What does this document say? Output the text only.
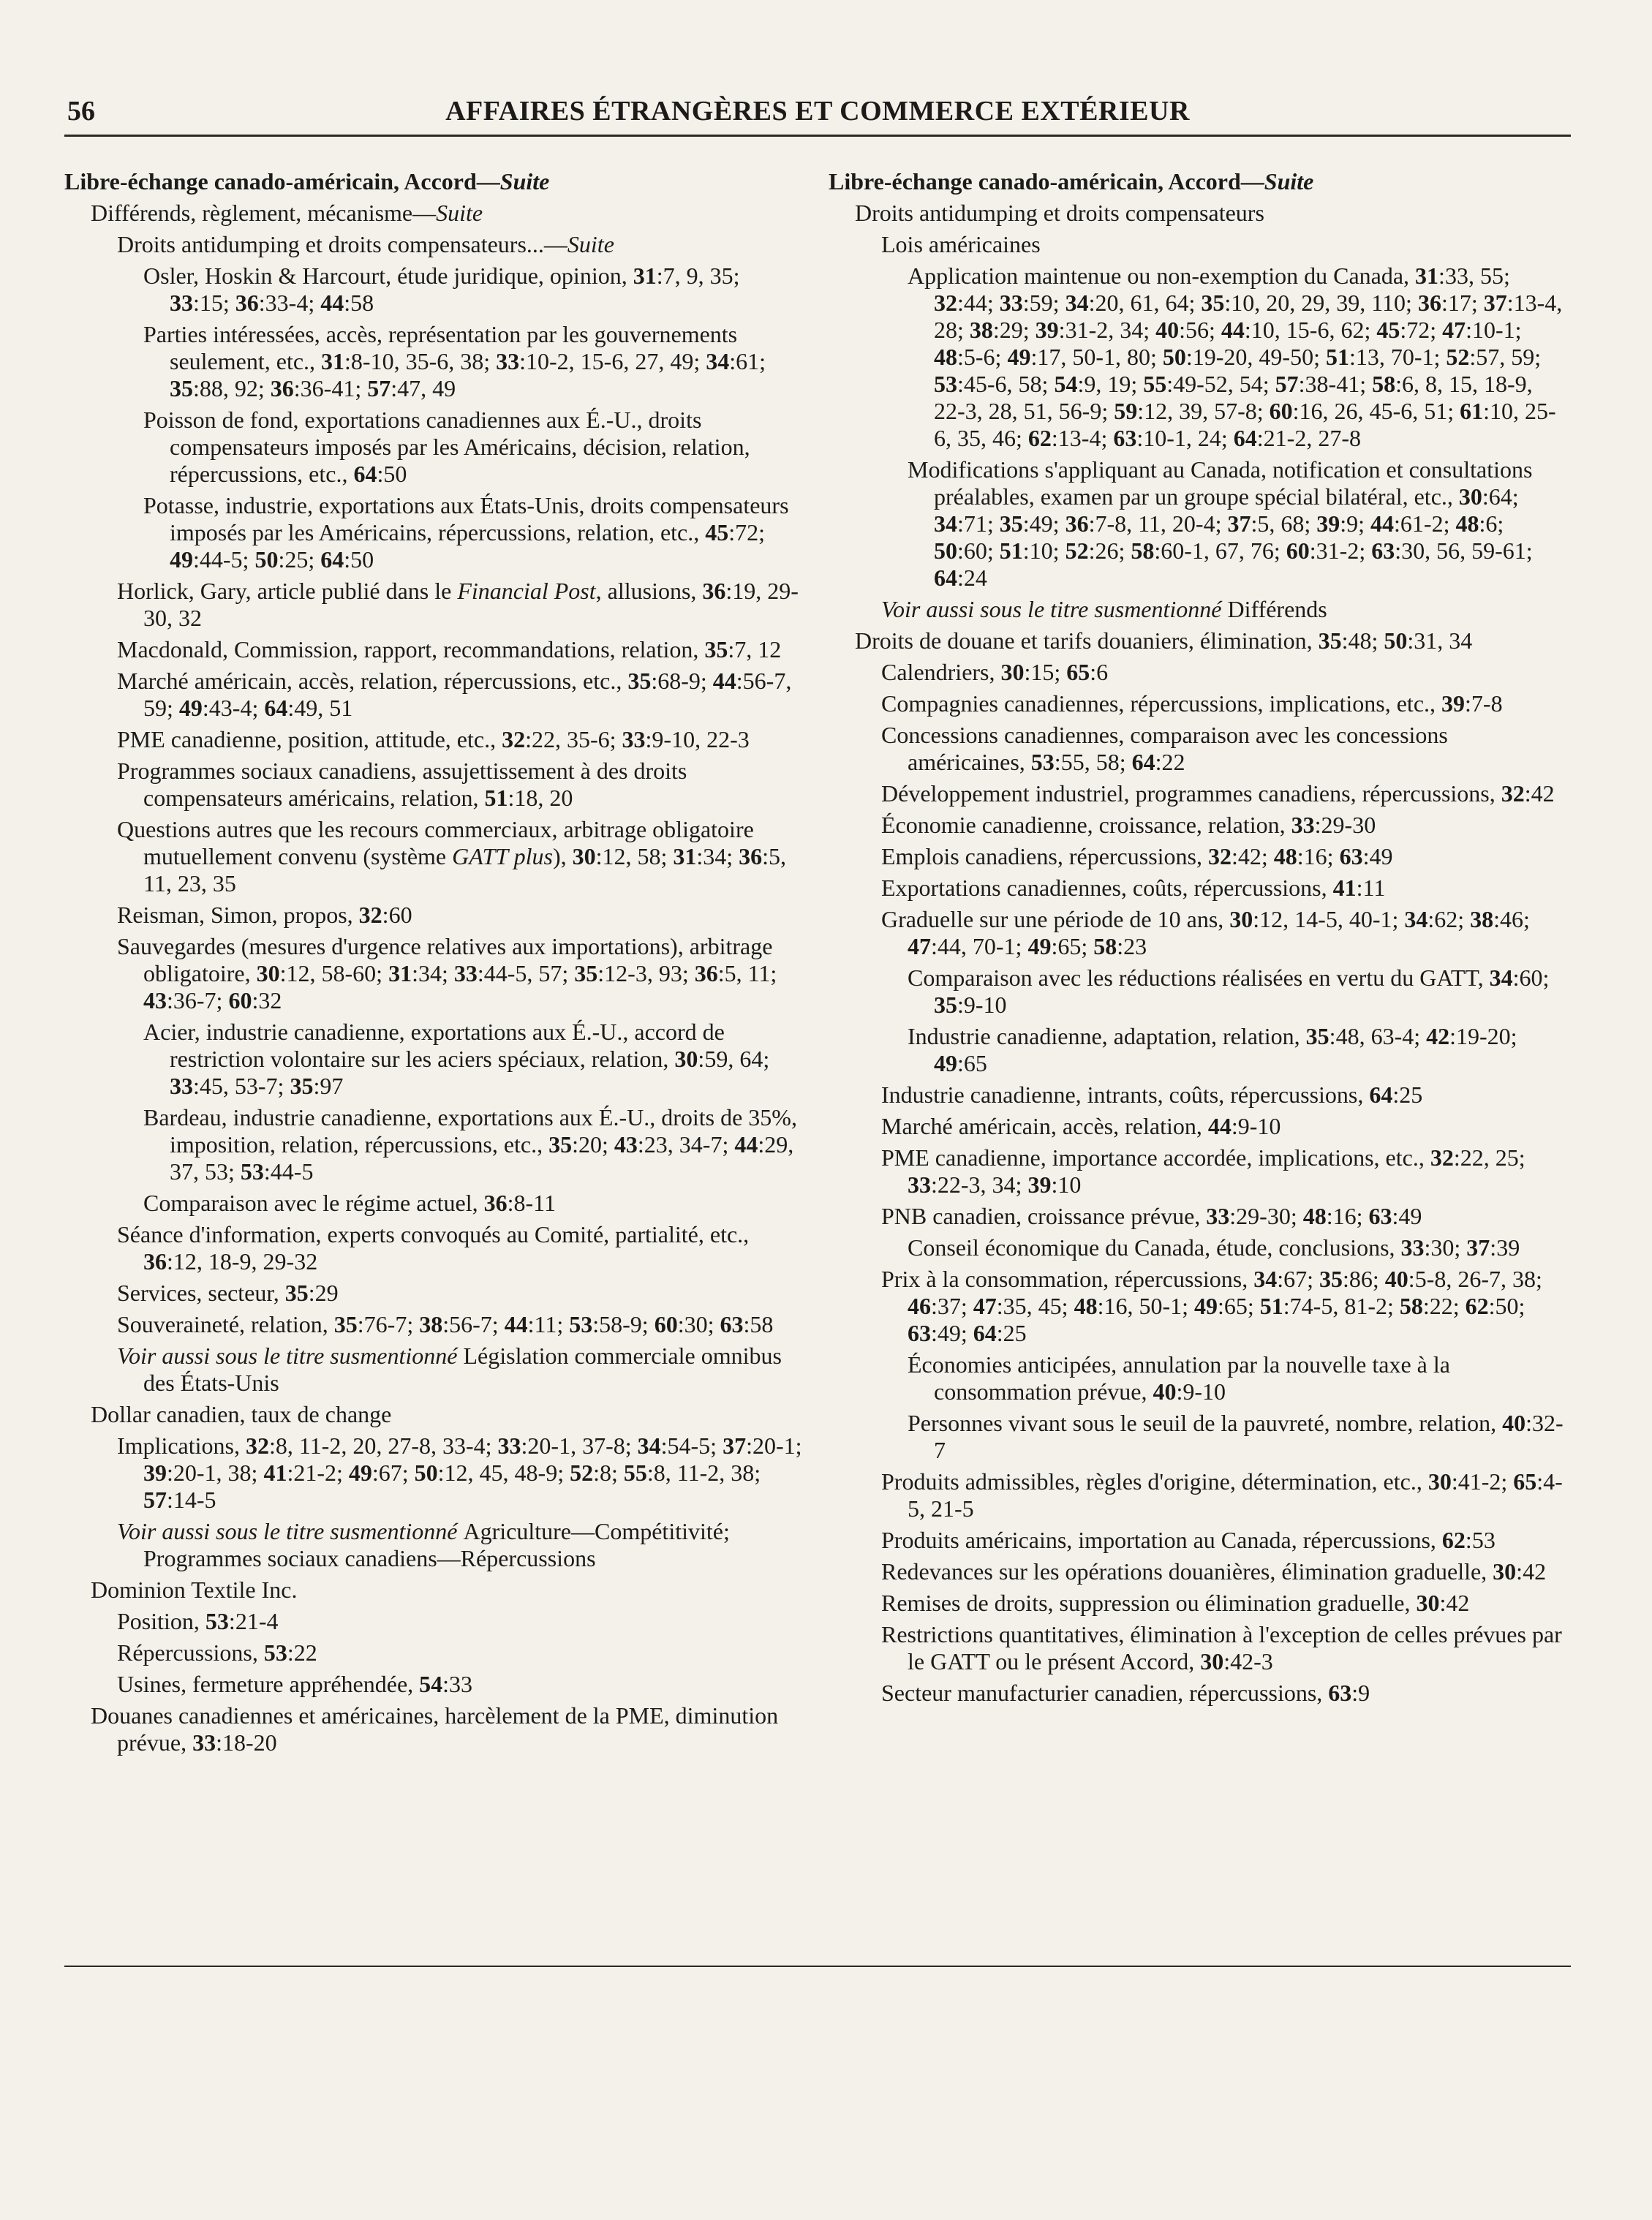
56	AFFAIRES ÉTRANGÈRES ET COMMERCE EXTÉRIEUR

Libre-échange canado-américain, Accord—Suite

Différends, règlement, mécanisme—Suite

Droits antidumping et droits compensateurs...—Suite

Osler, Hoskin & Harcourt, étude juridique, opinion, 31:7, 9, 35; 33:15; 36:33-4; 44:58

Parties intéressées, accès, représentation par les gouvernements seulement, etc., 31:8-10, 35-6, 38; 33:10-2, 15-6, 27, 49; 34:61; 35:88, 92; 36:36-41; 57:47, 49

Poisson de fond, exportations canadiennes aux É.-U., droits compensateurs imposés par les Américains, décision, relation, répercussions, etc., 64:50

Potasse, industrie, exportations aux États-Unis, droits compensateurs imposés par les Américains, répercussions, relation, etc., 45:72; 49:44-5; 50:25; 64:50

Horlick, Gary, article publié dans le Financial Post, allusions, 36:19, 29-30, 32

Macdonald, Commission, rapport, recommandations, relation, 35:7, 12

Marché américain, accès, relation, répercussions, etc., 35:68-9; 44:56-7, 59; 49:43-4; 64:49, 51

PME canadienne, position, attitude, etc., 32:22, 35-6; 33:9-10, 22-3

Programmes sociaux canadiens, assujettissement à des droits compensateurs américains, relation, 51:18, 20

Questions autres que les recours commerciaux, arbitrage obligatoire mutuellement convenu (système GATT plus), 30:12, 58; 31:34; 36:5, 11, 23, 35

Reisman, Simon, propos, 32:60

Sauvegardes (mesures d'urgence relatives aux importations), arbitrage obligatoire, 30:12, 58-60; 31:34; 33:44-5, 57; 35:12-3, 93; 36:5, 11; 43:36-7; 60:32

Acier, industrie canadienne, exportations aux É.-U., accord de restriction volontaire sur les aciers spéciaux, relation, 30:59, 64; 33:45, 53-7; 35:97

Bardeau, industrie canadienne, exportations aux É.-U., droits de 35%, imposition, relation, répercussions, etc., 35:20; 43:23, 34-7; 44:29, 37, 53; 53:44-5

Comparaison avec le régime actuel, 36:8-11

Séance d'information, experts convoqués au Comité, partialité, etc., 36:12, 18-9, 29-32

Services, secteur, 35:29

Souveraineté, relation, 35:76-7; 38:56-7; 44:11; 53:58-9; 60:30; 63:58

Voir aussi sous le titre susmentionné Législation commerciale omnibus des États-Unis

Dollar canadien, taux de change

Implications, 32:8, 11-2, 20, 27-8, 33-4; 33:20-1, 37-8; 34:54-5; 37:20-1; 39:20-1, 38; 41:21-2; 49:67; 50:12, 45, 48-9; 52:8; 55:8, 11-2, 38; 57:14-5

Voir aussi sous le titre susmentionné Agriculture—Compétitivité; Programmes sociaux canadiens—Répercussions

Dominion Textile Inc.

Position, 53:21-4

Répercussions, 53:22

Usines, fermeture appréhendée, 54:33

Douanes canadiennes et américaines, harcèlement de la PME, diminution prévue, 33:18-20

Libre-échange canado-américain, Accord—Suite

Droits antidumping et droits compensateurs

Lois américaines

Application maintenue ou non-exemption du Canada, 31:33, 55; 32:44; 33:59; 34:20, 61, 64; 35:10, 20, 29, 39, 110; 36:17; 37:13-4, 28; 38:29; 39:31-2, 34; 40:56; 44:10, 15-6, 62; 45:72; 47:10-1; 48:5-6; 49:17, 50-1, 80; 50:19-20, 49-50; 51:13, 70-1; 52:57, 59; 53:45-6, 58; 54:9, 19; 55:49-52, 54; 57:38-41; 58:6, 8, 15, 18-9, 22-3, 28, 51, 56-9; 59:12, 39, 57-8; 60:16, 26, 45-6, 51; 61:10, 25-6, 35, 46; 62:13-4; 63:10-1, 24; 64:21-2, 27-8

Modifications s'appliquant au Canada, notification et consultations préalables, examen par un groupe spécial bilatéral, etc., 30:64; 34:71; 35:49; 36:7-8, 11, 20-4; 37:5, 68; 39:9; 44:61-2; 48:6; 50:60; 51:10; 52:26; 58:60-1, 67, 76; 60:31-2; 63:30, 56, 59-61; 64:24

Voir aussi sous le titre susmentionné Différends

Droits de douane et tarifs douaniers, élimination, 35:48; 50:31, 34

Calendriers, 30:15; 65:6

Compagnies canadiennes, répercussions, implications, etc., 39:7-8

Concessions canadiennes, comparaison avec les concessions américaines, 53:55, 58; 64:22

Développement industriel, programmes canadiens, répercussions, 32:42

Économie canadienne, croissance, relation, 33:29-30

Emplois canadiens, répercussions, 32:42; 48:16; 63:49

Exportations canadiennes, coûts, répercussions, 41:11

Graduelle sur une période de 10 ans, 30:12, 14-5, 40-1; 34:62; 38:46; 47:44, 70-1; 49:65; 58:23

Comparaison avec les réductions réalisées en vertu du GATT, 34:60; 35:9-10

Industrie canadienne, adaptation, relation, 35:48, 63-4; 42:19-20; 49:65

Industrie canadienne, intrants, coûts, répercussions, 64:25

Marché américain, accès, relation, 44:9-10

PME canadienne, importance accordée, implications, etc., 32:22, 25; 33:22-3, 34; 39:10

PNB canadien, croissance prévue, 33:29-30; 48:16; 63:49

Conseil économique du Canada, étude, conclusions, 33:30; 37:39

Prix à la consommation, répercussions, 34:67; 35:86; 40:5-8, 26-7, 38; 46:37; 47:35, 45; 48:16, 50-1; 49:65; 51:74-5, 81-2; 58:22; 62:50; 63:49; 64:25

Économies anticipées, annulation par la nouvelle taxe à la consommation prévue, 40:9-10

Personnes vivant sous le seuil de la pauvreté, nombre, relation, 40:32-7

Produits admissibles, règles d'origine, détermination, etc., 30:41-2; 65:4-5, 21-5

Produits américains, importation au Canada, répercussions, 62:53

Redevances sur les opérations douanières, élimination graduelle, 30:42

Remises de droits, suppression ou élimination graduelle, 30:42

Restrictions quantitatives, élimination à l'exception de celles prévues par le GATT ou le présent Accord, 30:42-3

Secteur manufacturier canadien, répercussions, 63:9
